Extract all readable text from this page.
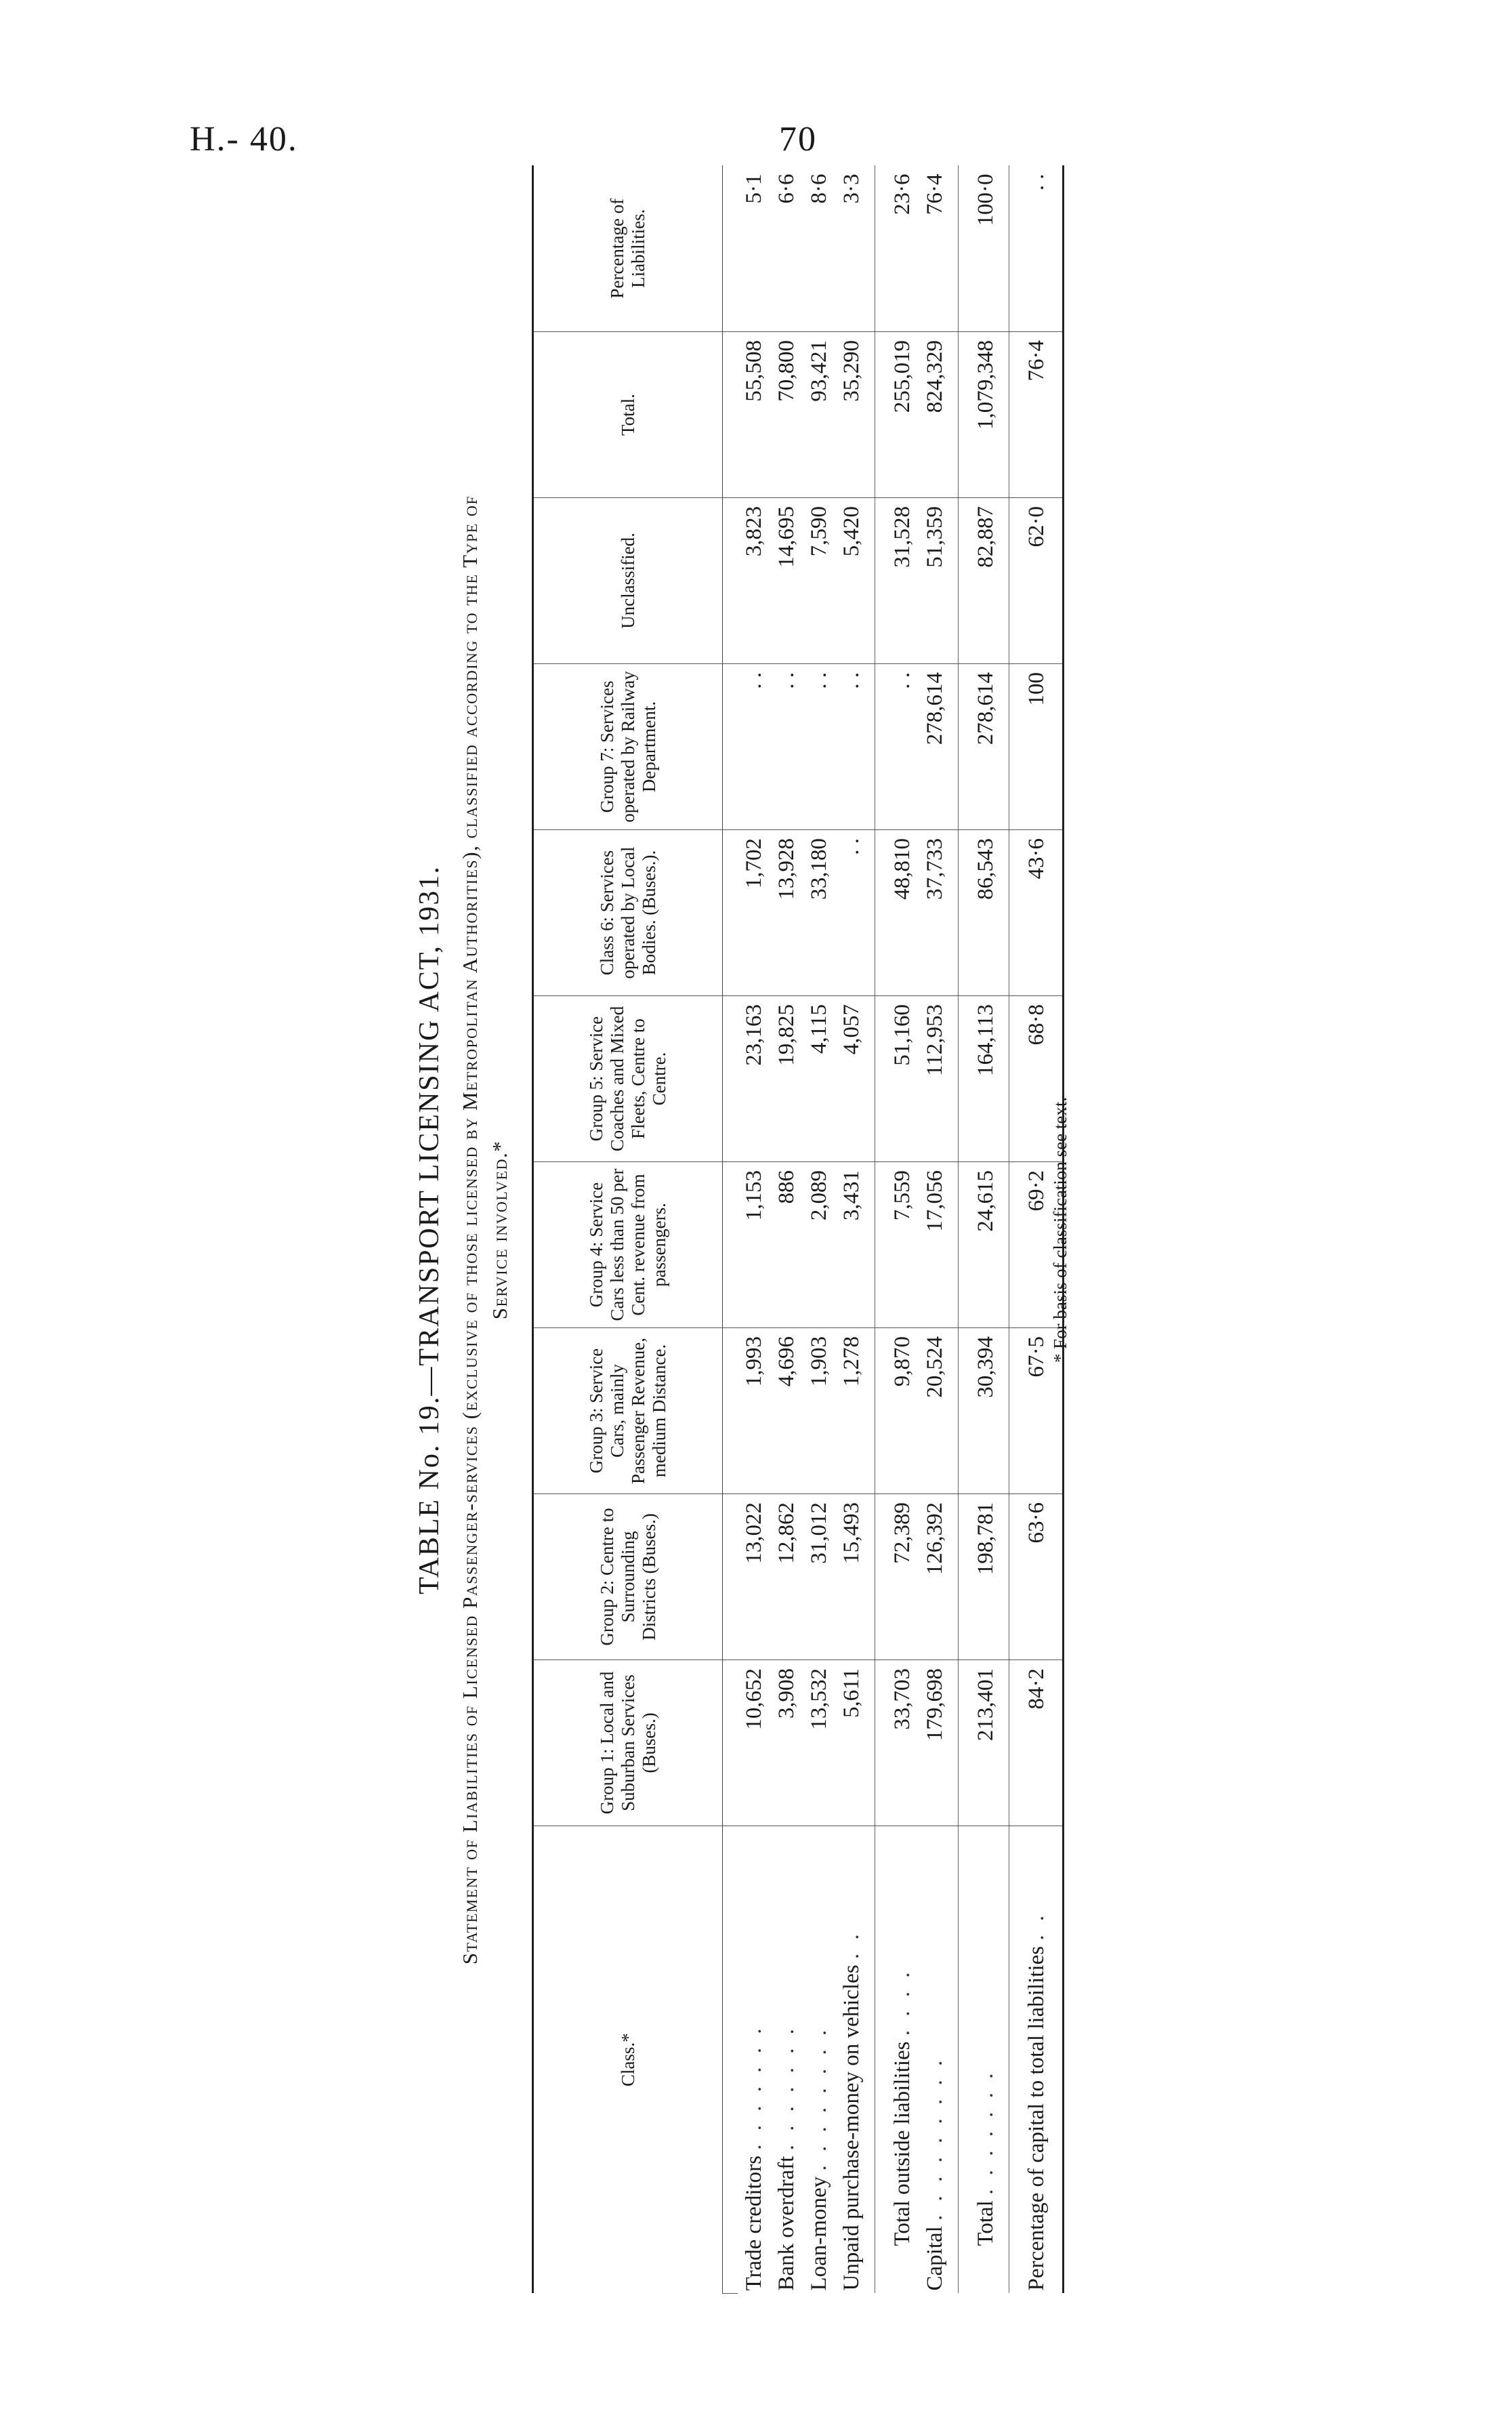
H.- 40.	70
TABLE No. 19.—TRANSPORT LICENSING ACT, 1931. Statement of Liabilities of Licensed Passenger-services (exclusive of those licensed by Metropolitan Authorities), classified according to the Type of Service involved.*
Class.*	Group 1: Local and Suburban Services (Buses.)	Group 2: Centre to Surrounding Districts (Buses.)	Group 3: Service Cars, mainly Passenger Revenue, medium Distance.	Group 4: Service Cars less than 50 per Cent. revenue from passengers.	Group 5: Service Coaches and Mixed Fleets, Centre to Centre.	Class 6: Services operated by Local Bodies. (Buses.).	Group 7: Services operated by Railway Department.	Unclassified.	Total.	Percentage of Liabilities.

Trade creditors . . . . . . .	10,652	13,022	1,993	1,153	23,163	1,702	. .	3,823	55,508	5·1
Bank overdraft . . . . . . .	3,908	12,862	4,696	886	19,825	13,928	. .	14,695	70,800	6·6
Loan-money . . . . . . . .	13,532	31,012	1,903	2,089	4,115	33,180	. .	7,590	93,421	8·6
Unpaid purchase-money on vehicles . .	5,611	15,493	1,278	3,431	4,057	. .	. .	5,420	35,290	3·3
Total outside liabilities . . . .	33,703	72,389	9,870	7,559	51,160	48,810	. .	31,528	255,019	23·6
Capital . . . . . . . . .	179,698	126,392	20,524	17,056	112,953	37,733	278,614	51,359	824,329	76·4
Total . . . . . . .	213,401	198,781	30,394	24,615	164,113	86,543	278,614	82,887	1,079,348	100·0
Percentage of capital to total liabilities . .	84·2	63·6	67·5	69·2	68·8	43·6	100	62·0	76·4	. .
* For basis of classification see text.
